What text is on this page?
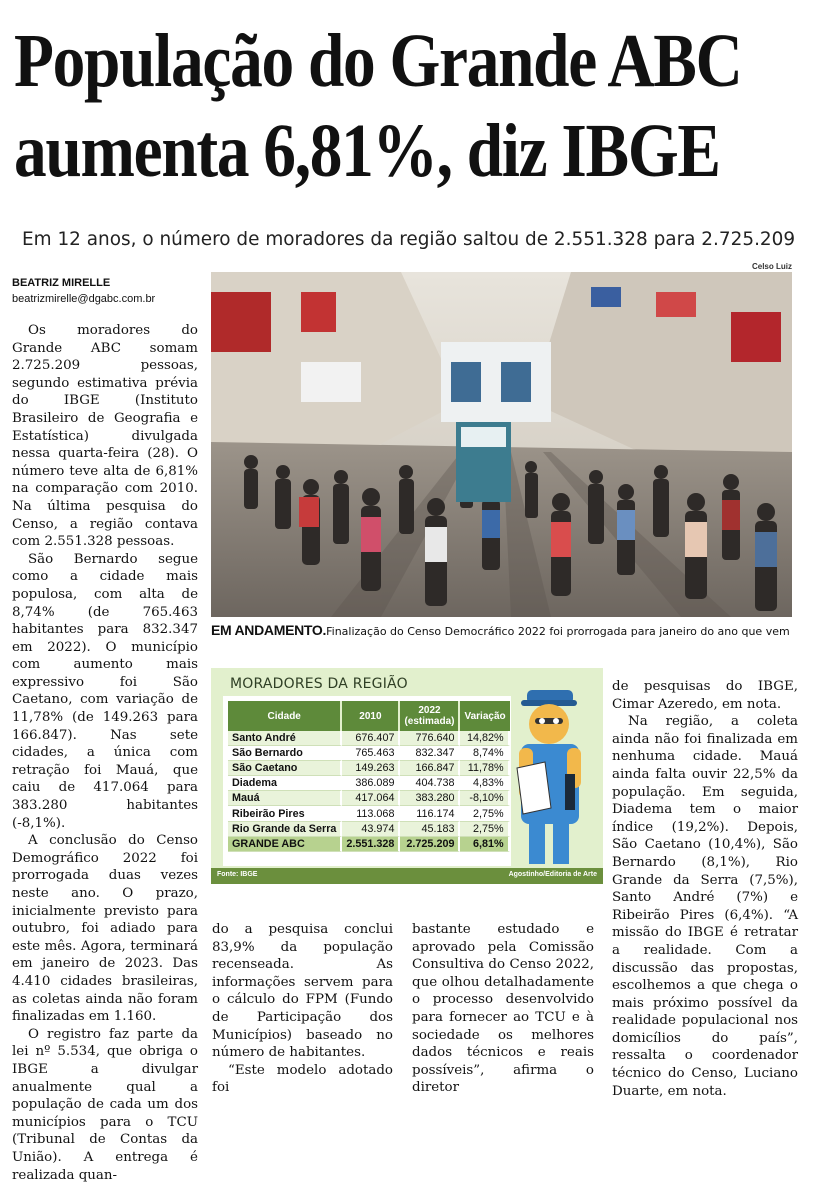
População do Grande ABC
aumenta 6,81%, diz IBGE
Em 12 anos, o número de moradores da região saltou de 2.551.328 para 2.725.209
BEATRIZ MIRELLE
beatrizmirelle@dgabc.com.br
Celso Luiz
EM ANDAMENTO.Finalização do Censo Democráfico 2022 foi prorrogada para janeiro do ano que vem

Os moradores do Grande ABC somam 2.725.209 pessoas, segundo estimativa prévia do IBGE (Instituto Brasileiro de Geografia e Estatística) divulgada nessa quarta-feira (28). O número teve alta de 6,81% na comparação com 2010. Na última pesquisa do Censo, a região contava com 2.551.328 pessoas.

São Bernardo segue como a cidade mais populosa, com alta de 8,74% (de 765.463 habitantes para 832.347 em 2022). O município com aumento mais expressivo foi São Caetano, com variação de 11,78% (de 149.263 para 166.847). Nas sete cidades, a única com retração foi Mauá, que caiu de 417.064 para 383.280 habitantes (-8,1%).

A conclusão do Censo Demográfico 2022 foi prorrogada duas vezes neste ano. O prazo, inicialmente previsto para outubro, foi adiado para este mês. Agora, terminará em janeiro de 2023. Das 4.410 cidades brasileiras, as coletas ainda não foram finalizadas em 1.160.

O registro faz parte da lei nº 5.534, que obriga o IBGE a divulgar anualmente qual a população de cada um dos municípios para o TCU (Tribunal de Contas da União). A entrega é realizada quan-

do a pesquisa conclui 83,9% da população recenseada. As informações servem para o cálculo do FPM (Fundo de Participação dos Municípios) baseado no número de habitantes.

“Este modelo adotado foi

bastante estudado e aprovado pela Comissão Consultiva do Censo 2022, que olhou detalhadamente o processo desenvolvido para fornecer ao TCU e à sociedade os melhores dados técnicos e reais possíveis”, afirma o diretor

de pesquisas do IBGE, Cimar Azeredo, em nota.

Na região, a coleta ainda não foi finalizada em nenhuma cidade. Mauá ainda falta ouvir 22,5% da população. Em seguida, Diadema tem o maior índice (19,2%). Depois, São Caetano (10,4%), São Bernardo (8,1%), Rio Grande da Serra (7,5%), Santo André (7%) e Ribeirão Pires (6,4%). “A missão do IBGE é retratar a realidade. Com a discussão das propostas, escolhemos a que chega o mais próximo possível da realidade populacional nos domicílios do país”, ressalta o coordenador técnico do Censo, Luciano Duarte, em nota.

MORADORES DA REGIÃO
Cidade	2010	2022 (estimada)	Variação
Santo André	676.407	776.640	14,82%
São Bernardo	765.463	832.347	8,74%
São Caetano	149.263	166.847	11,78%
Diadema	386.089	404.738	4,83%
Mauá	417.064	383.280	-8,10%
Ribeirão Pires	113.068	116.174	2,75%
Rio Grande da Serra	43.974	45.183	2,75%
GRANDE ABC	2.551.328	2.725.209	6,81%
Fonte: IBGE	Agostinho/Editoria de Arte
